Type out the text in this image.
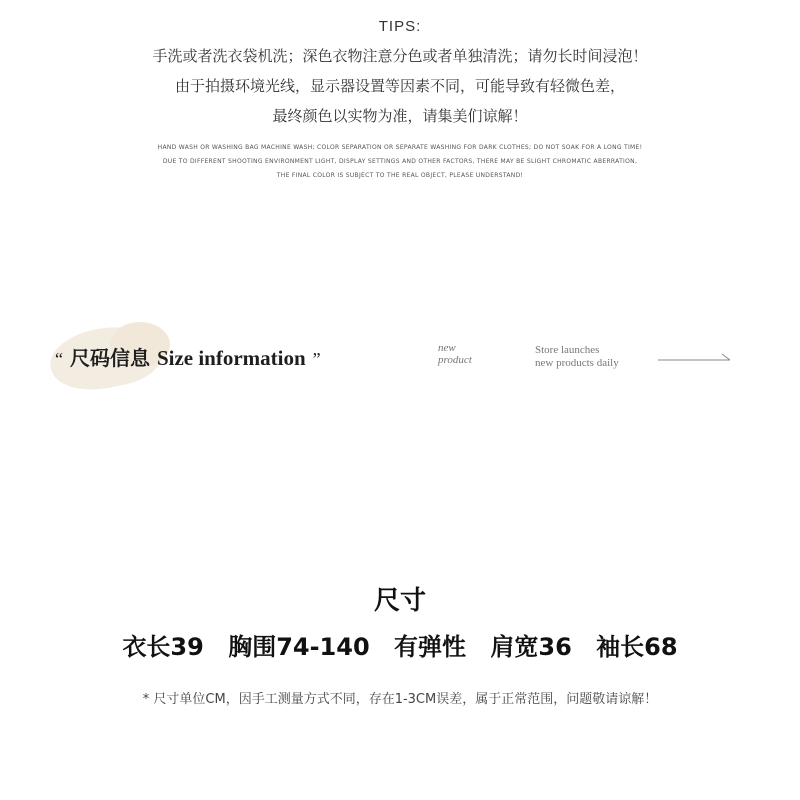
TIPS:
手洗或者洗衣袋机洗；深色衣物注意分色或者单独清洗；请勿长时间浸泡！
由于拍摄环境光线，显示器设置等因素不同，可能导致有轻微色差，
最终颜色以实物为准，请集美们谅解！
HAND WASH OR WASHING BAG MACHINE WASH; COLOR SEPARATION OR SEPARATE WASHING FOR DARK CLOTHES; DO NOT SOAK FOR A LONG TIME!
DUE TO DIFFERENT SHOOTING ENVIRONMENT LIGHT, DISPLAY SETTINGS AND OTHER FACTORS, THERE MAY BE SLIGHT CHROMATIC ABERRATION,
THE FINAL COLOR IS SUBJECT TO THE REAL OBJECT, PLEASE UNDERSTAND!
“ 尺码信息 Size information ”
new
product
Store launches
new products daily
尺寸
衣长39 胸围74-140 有弹性 肩宽36 袖长68
* 尺寸单位CM，因手工测量方式不同，存在1-3CM误差，属于正常范围，问题敬请谅解！
